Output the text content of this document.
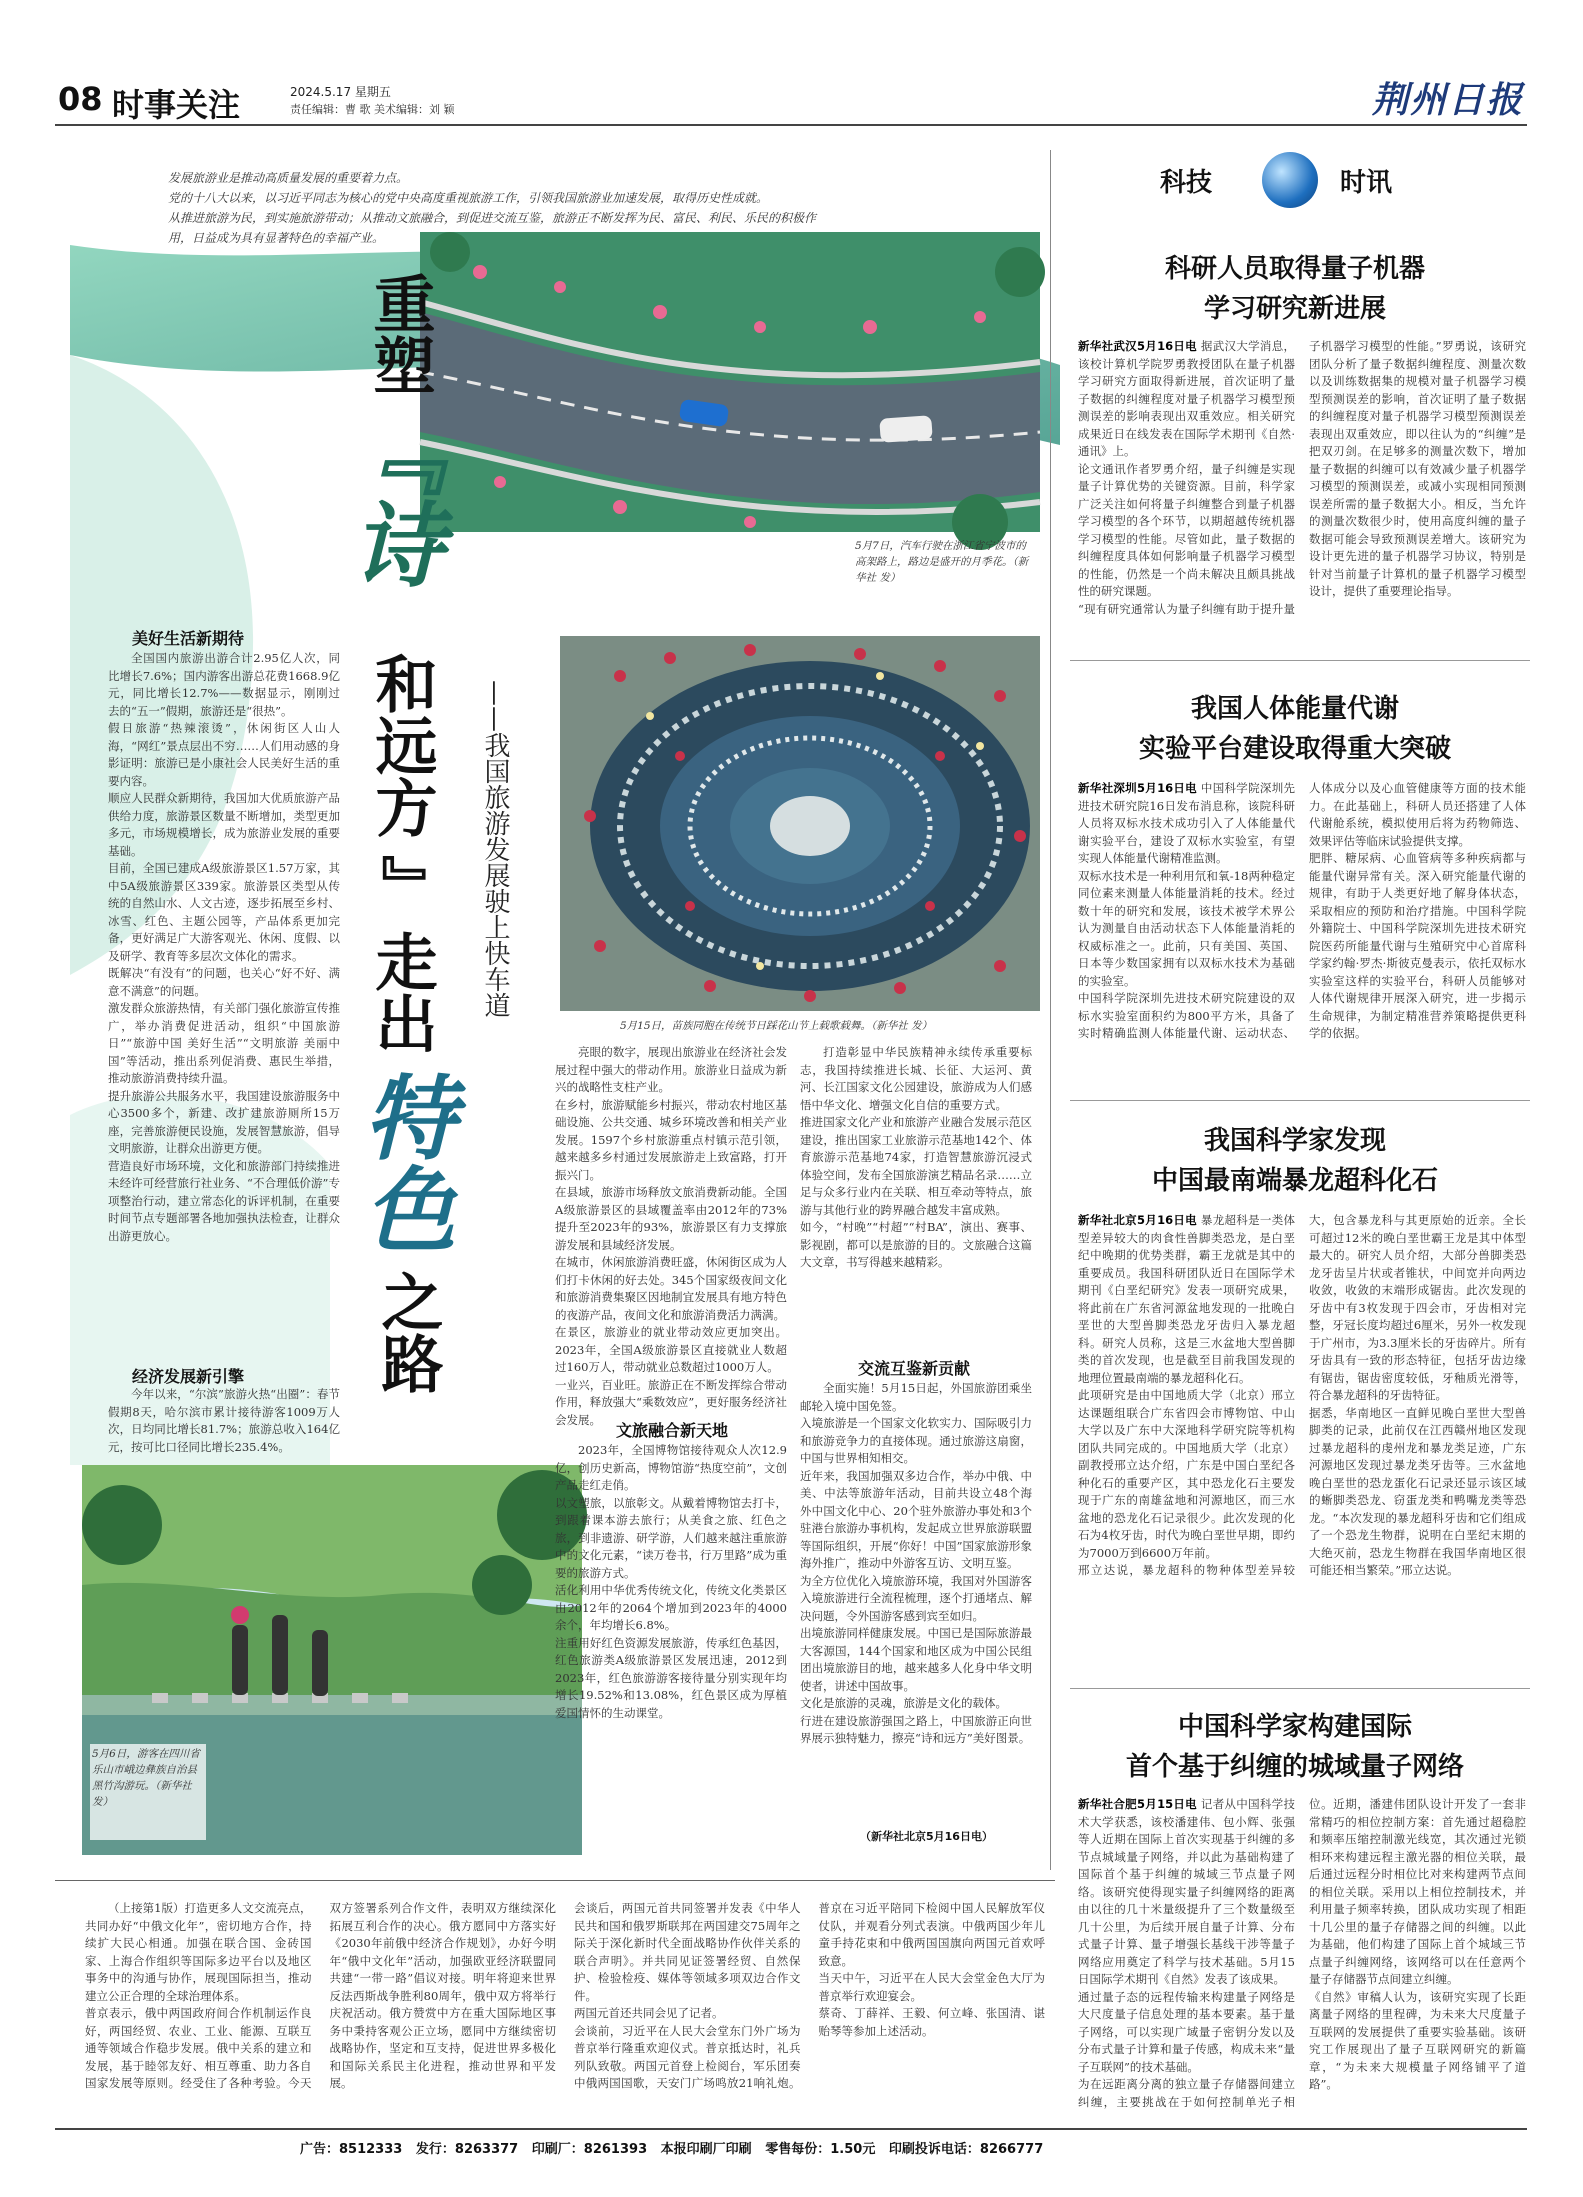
08 时事关注	2024.5.17 星期五
责任编辑：曹 歌 美术编辑：刘 颖	荆州日报
发展旅游业是推动高质量发展的重要着力点。
党的十八大以来，以习近平同志为核心的党中央高度重视旅游工作，引领我国旅游业加速发展，取得历史性成就。
从推进旅游为民，到实施旅游带动；从推动文旅融合，到促进交流互鉴，旅游正不断发挥为民、富民、利民、乐民的积极作用，日益成为具有显著特色的幸福产业。
5月7日，汽车行驶在浙江省宁波市的高架路上，路边是盛开的月季花。（新华社 发）
5月15日，苗族同胞在传统节日踩花山节上载歌载舞。（新华社 发）
重塑
『诗
和远方
』
走出
特色
之路
——我国旅游发展驶上快车道
5月6日，游客在四川省乐山市峨边彝族自治县黑竹沟游玩。（新华社 发）
美好生活新期待
全国国内旅游出游合计2.95亿人次，同比增长7.6%；国内游客出游总花费1668.9亿元，同比增长12.7%——数据显示，刚刚过去的“五一”假期，旅游还是“很热”。
假日旅游“热辣滚烫”，休闲街区人山人海，“网红”景点层出不穷……人们用动感的身影证明：旅游已是小康社会人民美好生活的重要内容。
顺应人民群众新期待，我国加大优质旅游产品供给力度，旅游景区数量不断增加，类型更加多元，市场规模增长，成为旅游业发展的重要基础。
目前，全国已建成A级旅游景区1.57万家，其中5A级旅游景区339家。旅游景区类型从传统的自然山水、人文古迹，逐步拓展至乡村、冰雪、红色、主题公园等，产品体系更加完备，更好满足广大游客观光、休闲、度假、以及研学、教育等多层次文体化的需求。
既解决“有没有”的问题，也关心“好不好、满意不满意”的问题。
激发群众旅游热情，有关部门强化旅游宣传推广，举办消费促进活动，组织“中国旅游日”“旅游中国 美好生活”“文明旅游 美丽中国”等活动，推出系列促消费、惠民生举措，推动旅游消费持续升温。
提升旅游公共服务水平，我国建设旅游服务中心3500多个，新建、改扩建旅游厕所15万座，完善旅游便民设施，发展智慧旅游，倡导文明旅游，让群众出游更方便。
营造良好市场环境，文化和旅游部门持续推进未经许可经营旅行社业务、“不合理低价游”专项整治行动，建立常态化的诉评机制，在重要时间节点专题部署各地加强执法检查，让群众出游更放心。
经济发展新引擎
今年以来，“尔滨”旅游火热“出圈”：春节假期8天，哈尔滨市累计接待游客1009万人次，日均同比增长81.7%；旅游总收入164亿元，按可比口径同比增长235.4%。
亮眼的数字，展现出旅游业在经济社会发展过程中强大的带动作用。旅游业日益成为新兴的战略性支柱产业。
在乡村，旅游赋能乡村振兴，带动农村地区基础设施、公共交通、城乡环境改善和相关产业发展。1597个乡村旅游重点村镇示范引领，越来越多乡村通过发展旅游走上致富路，打开振兴门。
在县域，旅游市场释放文旅消费新动能。全国A级旅游景区的县域覆盖率由2012年的73%提升至2023年的93%，旅游景区有力支撑旅游发展和县域经济发展。
在城市，休闲旅游消费旺盛，休闲街区成为人们打卡休闲的好去处。345个国家级夜间文化和旅游消费集聚区因地制宜发展具有地方特色的夜游产品，夜间文化和旅游消费活力满满。
在景区，旅游业的就业带动效应更加突出。2023年，全国A级旅游景区直接就业人数超过160万人，带动就业总数超过1000万人。
一业兴，百业旺。旅游正在不断发挥综合带动作用，释放强大“乘数效应”，更好服务经济社会发展。
文旅融合新天地
2023年，全国博物馆接待观众人次12.9亿，创历史新高，博物馆游“热度空前”，文创产品走红走俏。
以文塑旅，以旅彰文。从戴着博物馆去打卡，到跟着课本游去旅行；从美食之旅、红色之旅，到非遗游、研学游，人们越来越注重旅游中的文化元素，“读万卷书，行万里路”成为重要的旅游方式。
活化利用中华优秀传统文化，传统文化类景区由2012年的2064个增加到2023年的4000余个，年均增长6.8%。
注重用好红色资源发展旅游，传承红色基因，红色旅游类A级旅游景区发展迅速，2012到2023年，红色旅游游客接待量分别实现年均增长19.52%和13.08%，红色景区成为厚植爱国情怀的生动课堂。
打造彰显中华民族精神永续传承重要标志，我国持续推进长城、长征、大运河、黄河、长江国家文化公园建设，旅游成为人们感悟中华文化、增强文化自信的重要方式。
推进国家文化产业和旅游产业融合发展示范区建设，推出国家工业旅游示范基地142个、体育旅游示范基地74家，打造智慧旅游沉浸式体验空间，发布全国旅游演艺精品名录……立足与众多行业内在关联、相互牵动等特点，旅游与其他行业的跨界融合越发丰富成熟。
如今，“村晚”“村超”“村BA”，演出、赛事、影视剧，都可以是旅游的目的。文旅融合这篇大文章，书写得越来越精彩。
交流互鉴新贡献
全面实施！5月15日起，外国旅游团乘坐邮轮入境中国免签。
入境旅游是一个国家文化软实力、国际吸引力和旅游竞争力的直接体现。通过旅游这扇窗，中国与世界相知相交。
近年来，我国加强双多边合作，举办中俄、中美、中法等旅游年活动，目前共设立48个海外中国文化中心、20个驻外旅游办事处和3个驻港台旅游办事机构，发起成立世界旅游联盟等国际组织，开展“你好！中国”国家旅游形象海外推广，推动中外游客互访、文明互鉴。
为全方位优化入境旅游环境，我国对外国游客入境旅游进行全流程梳理，逐个打通堵点、解决问题，令外国游客感到宾至如归。
出境旅游同样健康发展。中国已是国际旅游最大客源国，144个国家和地区成为中国公民组团出境旅游目的地，越来越多人化身中华文明使者，讲述中国故事。
文化是旅游的灵魂，旅游是文化的载体。
行进在建设旅游强国之路上，中国旅游正向世界展示独特魅力，擦亮“诗和远方”美好图景。
（新华社北京5月16日电）
科技	时讯
科研人员取得量子机器
学习研究新进展
新华社武汉5月16日电 据武汉大学消息，该校计算机学院罗勇教授团队在量子机器学习研究方面取得新进展，首次证明了量子数据的纠缠程度对量子机器学习模型预测误差的影响表现出双重效应。相关研究成果近日在线发表在国际学术期刊《自然·通讯》上。
论文通讯作者罗勇介绍，量子纠缠是实现量子计算优势的关键资源。目前，科学家广泛关注如何将量子纠缠整合到量子机器学习模型的各个环节，以期超越传统机器学习模型的性能。尽管如此，量子数据的纠缠程度具体如何影响量子机器学习模型的性能，仍然是一个尚未解决且颇具挑战性的研究课题。
“现有研究通常认为量子纠缠有助于提升量子机器学习模型的性能。”罗勇说，该研究团队分析了量子数据纠缠程度、测量次数以及训练数据集的规模对量子机器学习模型预测误差的影响，首次证明了量子数据的纠缠程度对量子机器学习模型预测误差表现出双重效应，即以往认为的“纠缠”是把双刃剑。在足够多的测量次数下，增加量子数据的纠缠可以有效减少量子机器学习模型的预测误差，或减小实现相同预测误差所需的量子数据大小。相反，当允许的测量次数很少时，使用高度纠缠的量子数据可能会导致预测误差增大。该研究为设计更先进的量子机器学习协议，特别是针对当前量子计算机的量子机器学习模型设计，提供了重要理论指导。
我国人体能量代谢
实验平台建设取得重大突破
新华社深圳5月16日电 中国科学院深圳先进技术研究院16日发布消息称，该院科研人员将双标水技术成功引入了人体能量代谢实验平台，建设了双标水实验室，有望实现人体能量代谢精准监测。
双标水技术是一种利用氘和氧-18两种稳定同位素来测量人体能量消耗的技术。经过数十年的研究和发展，该技术被学术界公认为测量自由活动状态下人体能量消耗的权威标准之一。此前，只有美国、英国、日本等少数国家拥有以双标水技术为基础的实验室。
中国科学院深圳先进技术研究院建设的双标水实验室面积约为800平方米，具备了实时精确监测人体能量代谢、运动状态、人体成分以及心血管健康等方面的技术能力。在此基础上，科研人员还搭建了人体代谢舱系统，模拟使用后将为药物筛选、效果评估等临床试验提供支撑。
肥胖、糖尿病、心血管病等多种疾病都与能量代谢异常有关。深入研究能量代谢的规律，有助于人类更好地了解身体状态，采取相应的预防和治疗措施。中国科学院外籍院士、中国科学院深圳先进技术研究院医药所能量代谢与生殖研究中心首席科学家约翰·罗杰·斯彼克曼表示，依托双标水实验室这样的实验平台，科研人员能够对人体代谢规律开展深入研究，进一步揭示生命规律，为制定精准营养策略提供更科学的依据。
我国科学家发现
中国最南端暴龙超科化石
新华社北京5月16日电 暴龙超科是一类体型差异较大的肉食性兽脚类恐龙，是白垩纪中晚期的优势类群，霸王龙就是其中的重要成员。我国科研团队近日在国际学术期刊《白垩纪研究》发表一项研究成果，将此前在广东省河源盆地发现的一批晚白垩世的大型兽脚类恐龙牙齿归入暴龙超科。研究人员称，这是三水盆地大型兽脚类的首次发现，也是截至目前我国发现的地理位置最南端的暴龙超科化石。
此项研究是由中国地质大学（北京）邢立达课题组联合广东省四会市博物馆、中山大学以及广东中大深地科学研究院等机构团队共同完成的。中国地质大学（北京）副教授邢立达介绍，广东是中国白垩纪各种化石的重要产区，其中恐龙化石主要发现于广东的南雄盆地和河源地区，而三水盆地的恐龙化石记录很少。此次发现的化石为4枚牙齿，时代为晚白垩世早期，即约为7000万到6600万年前。
邢立达说，暴龙超科的物种体型差异较大，包含暴龙科与其更原始的近亲。全长可超过12米的晚白垩世霸王龙是其中体型最大的。研究人员介绍，大部分兽脚类恐龙牙齿呈片状或者锥状，中间宽并向两边收敛，收敛的末端形成锯齿。此次发现的牙齿中有3枚发现于四会市，牙齿相对完整，牙冠长度均超过6厘米，另外一枚发现于广州市，为3.3厘米长的牙齿碎片。所有牙齿具有一致的形态特征，包括牙齿边缘有锯齿，锯齿密度较低，牙釉质光滑等，符合暴龙超科的牙齿特征。
据悉，华南地区一直鲜见晚白垩世大型兽脚类的记录，此前仅在江西赣州地区发现过暴龙超科的虔州龙和暴龙类足迹，广东河源地区发现过暴龙类牙齿等。三水盆地晚白垩世的恐龙蛋化石记录还显示该区域的蜥脚类恐龙、窃蛋龙类和鸭嘴龙类等恐龙。“本次发现的暴龙超科牙齿和它们组成了一个恐龙生物群，说明在白垩纪末期的大绝灭前，恐龙生物群在我国华南地区很可能还相当繁荣。”邢立达说。
中国科学家构建国际
首个基于纠缠的城域量子网络
新华社合肥5月15日电 记者从中国科学技术大学获悉，该校潘建伟、包小辉、张强等人近期在国际上首次实现基于纠缠的多节点城域量子网络，并以此为基础构建了国际首个基于纠缠的城域三节点量子网络。该研究使得现实量子纠缠网络的距离由以往的几十米量级提升了三个数量级至几十公里，为后续开展自量子计算、分布式量子计算、量子增强长基线干涉等量子网络应用奠定了科学与技术基础。5月15日国际学术期刊《自然》发表了该成果。
通过量子态的远程传输来构建量子网络是大尺度量子信息处理的基本要素。基于量子网络，可以实现广域量子密钥分发以及分布式量子计算和量子传感，构成未来“量子互联网”的技术基础。
为在远距离分离的独立量子存储器间建立纠缠，主要挑战在于如何控制单光子相位。近期，潘建伟团队设计开发了一套非常精巧的相位控制方案：首先通过超稳腔和频率压缩控制激光线宽，其次通过光锁相环来构建远程主激光器的相位关联，最后通过远程分时相位比对来构建两节点间的相位关联。采用以上相位控制技术，并利用量子频率转换，团队成功实现了相距十几公里的量子存储器之间的纠缠。以此为基础，他们构建了国际上首个城域三节点量子纠缠网络，该网络可以在任意两个量子存储器节点间建立纠缠。
《自然》审稿人认为，该研究实现了长距离量子网络的里程碑，为未来大尺度量子互联网的发展提供了重要实验基础。该研究工作展现出了量子互联网研究的新篇章，“为未来大规模量子网络铺平了道路”。
（上接第1版）打造更多人文交流亮点，共同办好“中俄文化年”，密切地方合作，持续扩大民心相通。加强在联合国、金砖国家、上海合作组织等国际多边平台以及地区事务中的沟通与协作，展现国际担当，推动建立公正合理的全球治理体系。
普京表示，俄中两国政府间合作机制运作良好，两国经贸、农业、工业、能源、互联互通等领域合作稳步发展。俄中关系的建立和发展，基于睦邻友好、相互尊重、助力各自国家发展等原则。经受住了各种考验。今天双方签署系列合作文件，表明双方继续深化拓展互利合作的决心。俄方愿同中方落实好《2030年前俄中经济合作规划》，办好今明年“俄中文化年”活动，加强欧亚经济联盟同共建“一带一路”倡议对接。明年将迎来世界反法西斯战争胜利80周年，俄中双方将举行庆祝活动。俄方赞赏中方在重大国际地区事务中秉持客观公正立场，愿同中方继续密切战略协作，坚定和互支持，促进世界多极化和国际关系民主化进程，推动世界和平发展。
会谈后，两国元首共同签署并发表《中华人民共和国和俄罗斯联邦在两国建交75周年之际关于深化新时代全面战略协作伙伴关系的联合声明》。并共同见证签署经贸、自然保护、检验检疫、媒体等领域多项双边合作文件。
两国元首还共同会见了记者。
会谈前，习近平在人民大会堂东门外广场为普京举行隆重欢迎仪式。普京抵达时，礼兵列队致敬。两国元首登上检阅台，军乐团奏中俄两国国歌，天安门广场鸣放21响礼炮。普京在习近平陪同下检阅中国人民解放军仪仗队，并观看分列式表演。中俄两国少年儿童手持花束和中俄两国国旗向两国元首欢呼致意。
当天中午，习近平在人民大会堂金色大厅为普京举行欢迎宴会。
蔡奇、丁薛祥、王毅、何立峰、张国清、谌贻琴等参加上述活动。
广告：8512333   发行：8263377   印刷厂：8261393   本报印刷厂印刷   零售每份：1.50元   印刷投诉电话：8266777
